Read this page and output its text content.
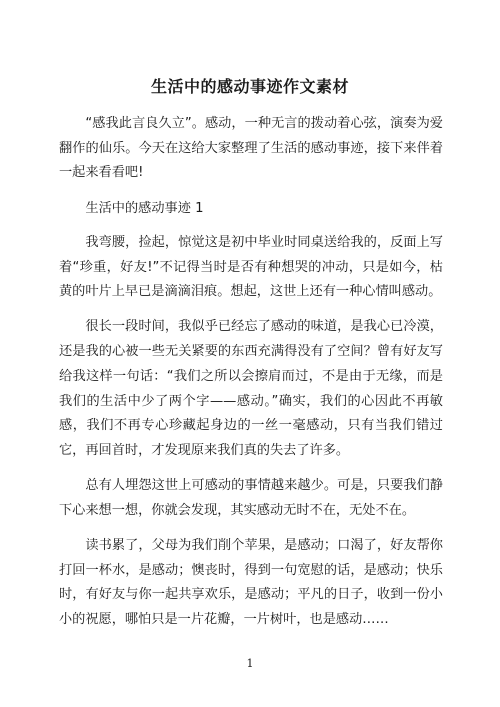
生活中的感动事迹作文素材

“感我此言良久立”。感动，一种无言的拨动着心弦，演奏为爱翻作的仙乐。今天在这给大家整理了生活的感动事迹，接下来伴着一起来看看吧!

生活中的感动事迹 1

我弯腰，捡起，惊觉这是初中毕业时同桌送给我的，反面上写着“珍重，好友!”不记得当时是否有种想哭的冲动，只是如今，枯黄的叶片上早已是滴滴泪痕。想起，这世上还有一种心情叫感动。

很长一段时间，我似乎已经忘了感动的味道，是我心已冷漠，还是我的心被一些无关紧要的东西充满得没有了空间？曾有好友写给我这样一句话：“我们之所以会擦肩而过，不是由于无缘，而是我们的生活中少了两个字——感动。”确实，我们的心因此不再敏感，我们不再专心珍藏起身边的一丝一毫感动，只有当我们错过它，再回首时，才发现原来我们真的失去了许多。

总有人埋怨这世上可感动的事情越来越少。可是，只要我们静下心来想一想，你就会发现，其实感动无时不在，无处不在。

读书累了，父母为我们削个苹果，是感动；口渴了，好友帮你打回一杯水，是感动；懊丧时，得到一句宽慰的话，是感动；快乐时，有好友与你一起共享欢乐，是感动；平凡的日子，收到一份小小的祝愿，哪怕只是一片花瓣，一片树叶，也是感动……

1
